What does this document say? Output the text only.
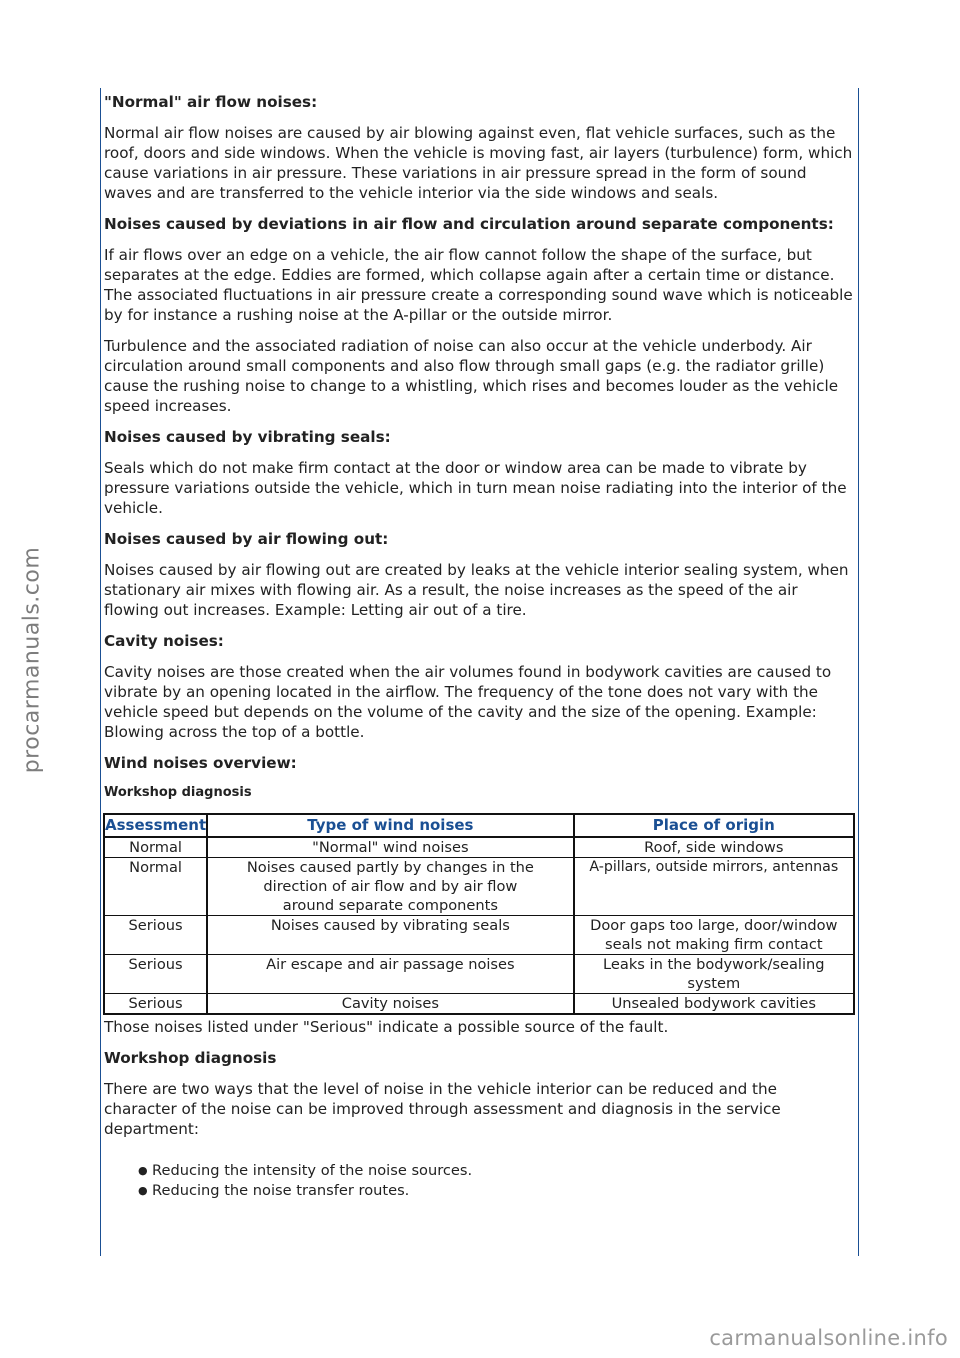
procarmanuals.com
"Normal" air flow noises:

Normal air flow noises are caused by air blowing against even, flat vehicle surfaces, such as the roof, doors and side windows. When the vehicle is moving fast, air layers (turbulence) form, which cause variations in air pressure. These variations in air pressure spread in the form of sound waves and are transferred to the vehicle interior via the side windows and seals.

Noises caused by deviations in air flow and circulation around separate components:

If air flows over an edge on a vehicle, the air flow cannot follow the shape of the surface, but separates at the edge. Eddies are formed, which collapse again after a certain time or distance. The associated fluctuations in air pressure create a corresponding sound wave which is noticeable by for instance a rushing noise at the A-pillar or the outside mirror.

Turbulence and the associated radiation of noise can also occur at the vehicle underbody. Air circulation around small components and also flow through small gaps (e.g. the radiator grille) cause the rushing noise to change to a whistling, which rises and becomes louder as the vehicle speed increases.

Noises caused by vibrating seals:

Seals which do not make firm contact at the door or window area can be made to vibrate by pressure variations outside the vehicle, which in turn mean noise radiating into the interior of the vehicle.

Noises caused by air flowing out:

Noises caused by air flowing out are created by leaks at the vehicle interior sealing system, when stationary air mixes with flowing air. As a result, the noise increases as the speed of the air flowing out increases. Example: Letting air out of a tire.

Cavity noises:

Cavity noises are those created when the air volumes found in bodywork cavities are caused to vibrate by an opening located in the airflow. The frequency of the tone does not vary with the vehicle speed but depends on the volume of the cavity and the size of the opening. Example: Blowing across the top of a bottle.

Wind noises overview:
Workshop diagnosis
Assessment	Type of wind noises	Place of origin
Normal	"Normal" wind noises	Roof, side windows
Normal	Noises caused partly by changes in the direction of air flow and by air flow around separate components	A-pillars, outside mirrors, antennas
Serious	Noises caused by vibrating seals	Door gaps too large, door/window seals not making firm contact
Serious	Air escape and air passage noises	Leaks in the bodywork/sealing system
Serious	Cavity noises	Unsealed bodywork cavities

Those noises listed under "Serious" indicate a possible source of the fault.

Workshop diagnosis

There are two ways that the level of noise in the vehicle interior can be reduced and the character of the noise can be improved through assessment and diagnosis in the service department:

● Reducing the intensity of the noise sources.
● Reducing the noise transfer routes.
carmanualsonline.info
